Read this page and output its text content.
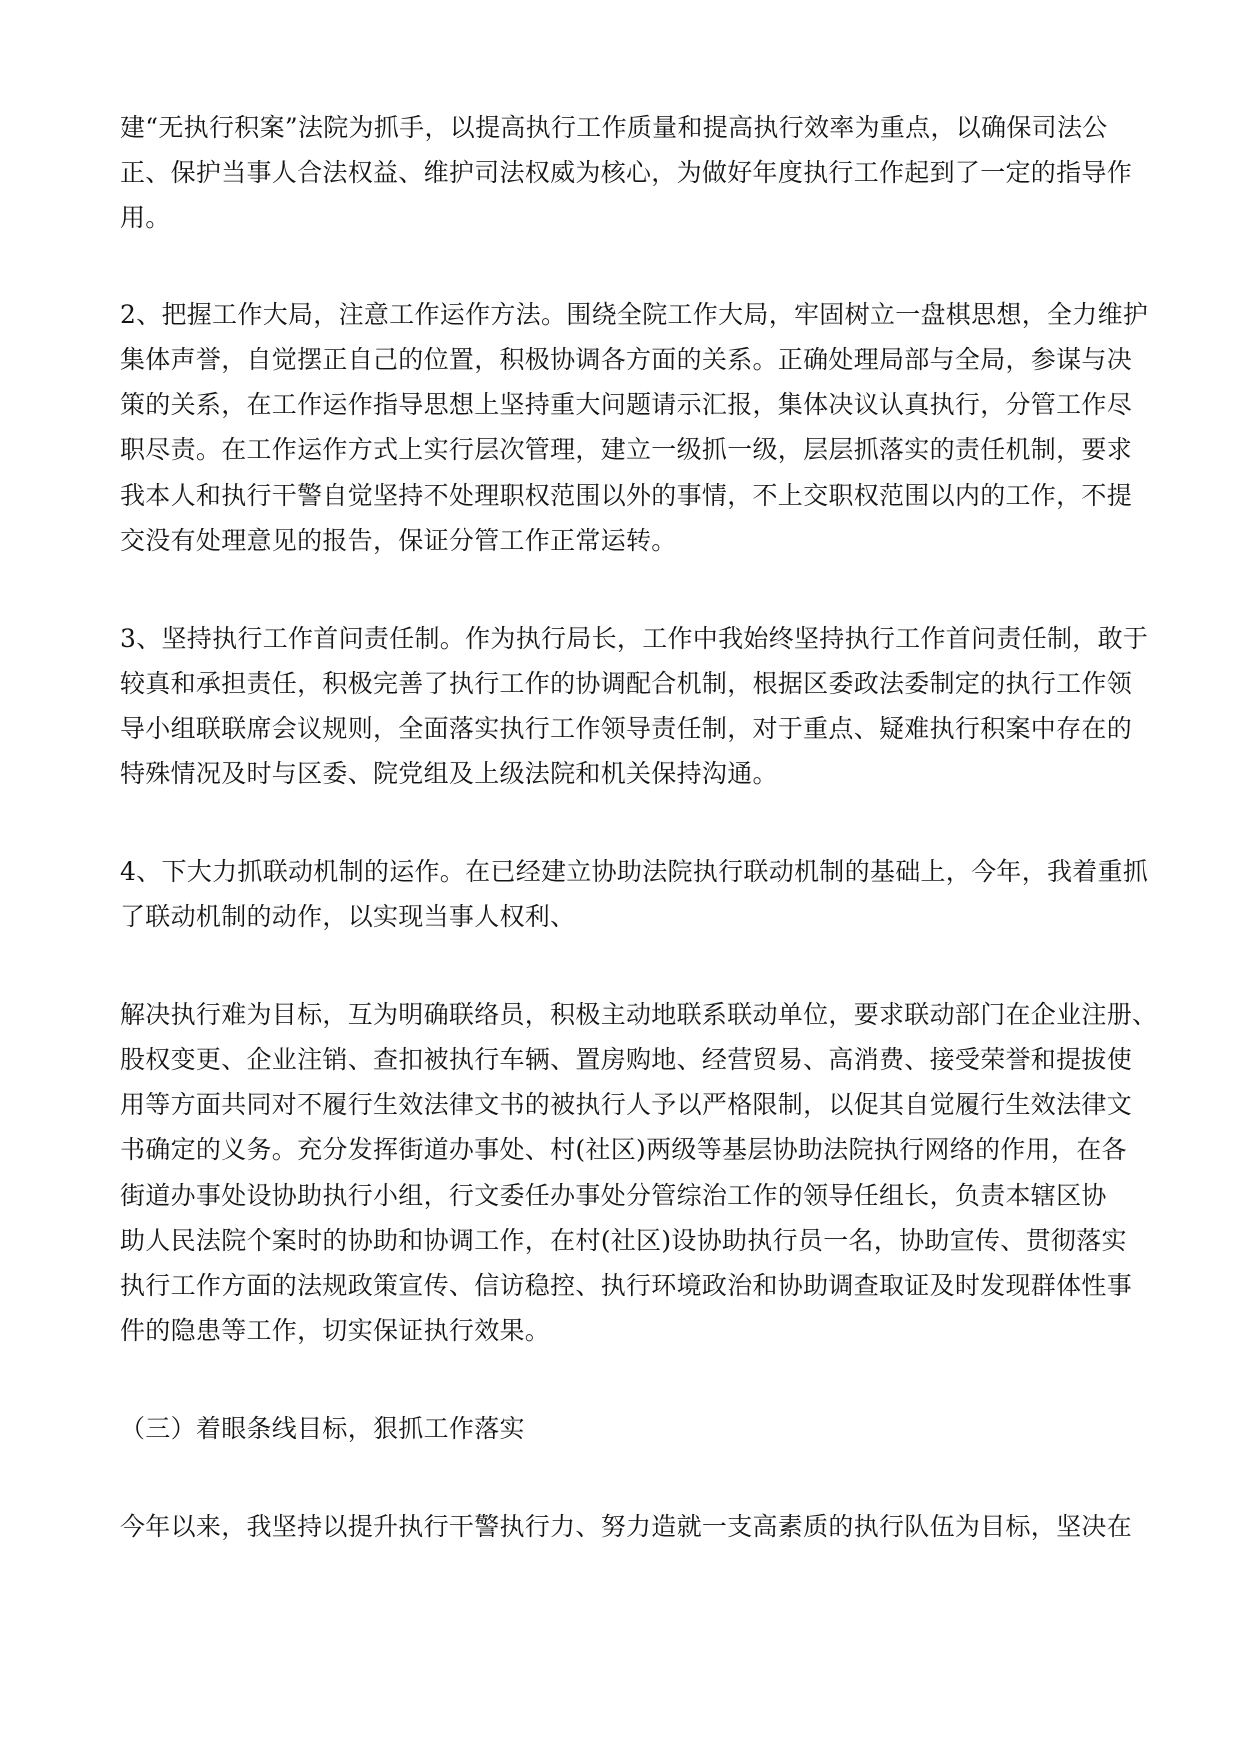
建“无执行积案”法院为抓手，以提高执行工作质量和提高执行效率为重点，以确保司法公

正、保护当事人合法权益、维护司法权威为核心，为做好年度执行工作起到了一定的指导作

用。

2、把握工作大局，注意工作运作方法。围绕全院工作大局，牢固树立一盘棋思想，全力维护

集体声誉，自觉摆正自己的位置，积极协调各方面的关系。正确处理局部与全局，参谋与决

策的关系，在工作运作指导思想上坚持重大问题请示汇报，集体决议认真执行，分管工作尽

职尽责。在工作运作方式上实行层次管理，建立一级抓一级，层层抓落实的责任机制，要求

我本人和执行干警自觉坚持不处理职权范围以外的事情，不上交职权范围以内的工作，不提

交没有处理意见的报告，保证分管工作正常运转。

3、坚持执行工作首问责任制。作为执行局长，工作中我始终坚持执行工作首问责任制，敢于

较真和承担责任，积极完善了执行工作的协调配合机制，根据区委政法委制定的执行工作领

导小组联联席会议规则，全面落实执行工作领导责任制，对于重点、疑难执行积案中存在的

特殊情况及时与区委、院党组及上级法院和机关保持沟通。

4、下大力抓联动机制的运作。在已经建立协助法院执行联动机制的基础上，今年，我着重抓

了联动机制的动作，以实现当事人权利、

解决执行难为目标，互为明确联络员，积极主动地联系联动单位，要求联动部门在企业注册、

股权变更、企业注销、查扣被执行车辆、置房购地、经营贸易、高消费、接受荣誉和提拔使

用等方面共同对不履行生效法律文书的被执行人予以严格限制，以促其自觉履行生效法律文

书确定的义务。充分发挥街道办事处、村(社区)两级等基层协助法院执行网络的作用，在各

街道办事处设协助执行小组，行文委任办事处分管综治工作的领导任组长，负责本辖区协

助人民法院个案时的协助和协调工作，在村(社区)设协助执行员一名，协助宣传、贯彻落实

执行工作方面的法规政策宣传、信访稳控、执行环境政治和协助调查取证及时发现群体性事

件的隐患等工作，切实保证执行效果。

（三）着眼条线目标，狠抓工作落实

今年以来，我坚持以提升执行干警执行力、努力造就一支高素质的执行队伍为目标，坚决在
